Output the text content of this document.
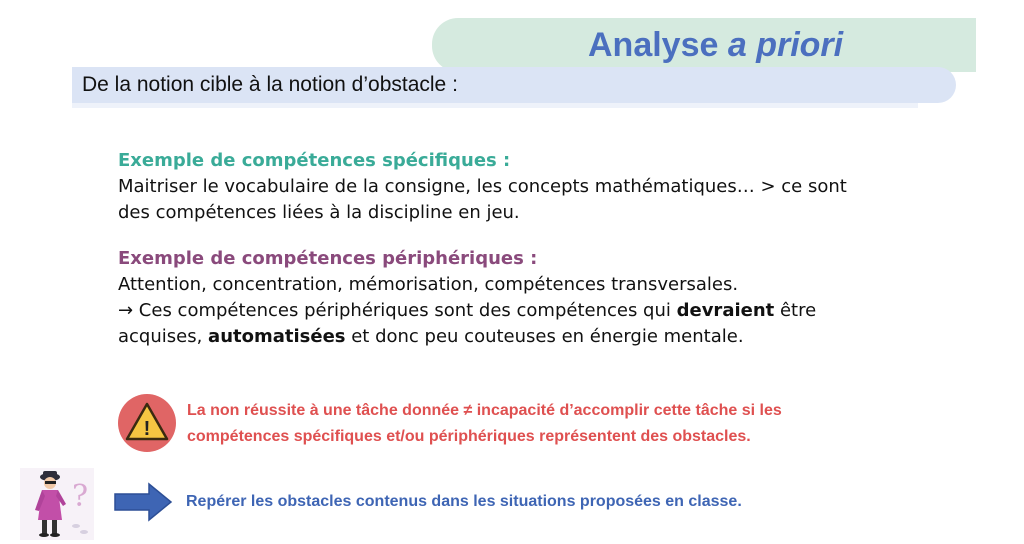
Analyse a priori
De la notion cible à la notion d’obstacle :
Exemple de compétences spécifiques :
Maitriser le vocabulaire de la consigne, les concepts mathématiques… > ce sont
des compétences liées à la discipline en jeu.
Exemple de compétences périphériques :
Attention, concentration, mémorisation, compétences transversales.
→ Ces compétences périphériques sont des compétences qui devraient être
acquises, automatisées et donc peu couteuses en énergie mentale.
!
La non réussite à une tâche donnée ≠ incapacité d’accomplir cette tâche si les
compétences spécifiques et/ou périphériques représentent des obstacles.
?	Repérer les obstacles contenus dans les situations proposées en classe.
